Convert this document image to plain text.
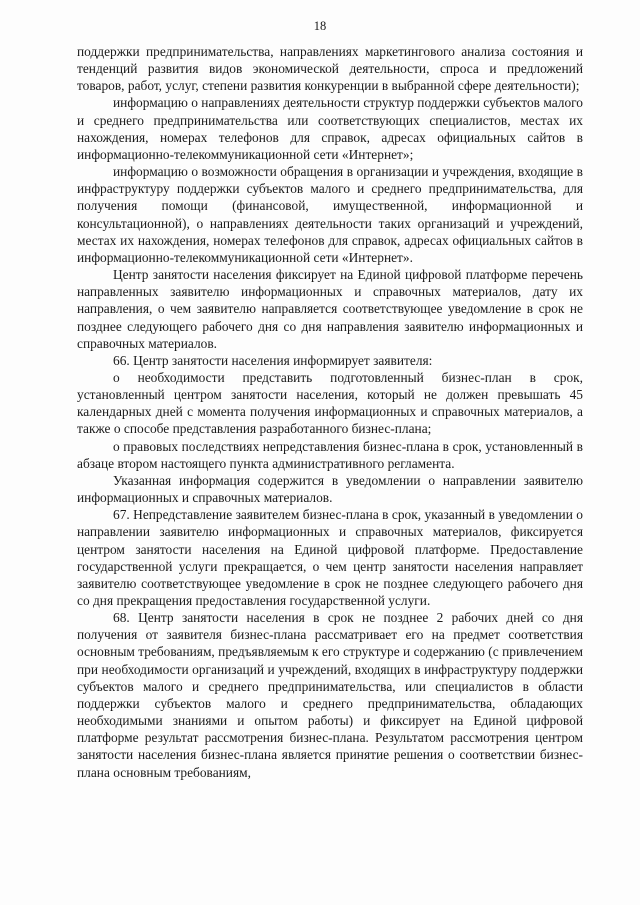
18

поддержки предпринимательства, направлениях маркетингового анализа состояния и тенденций развития видов экономической деятельности, спроса и предложений товаров, работ, услуг, степени развития конкуренции в выбранной сфере деятельности);

информацию о направлениях деятельности структур поддержки субъектов малого и среднего предпринимательства или соответствующих специалистов, местах их нахождения, номерах телефонов для справок, адресах официальных сайтов в информационно-телекоммуникационной сети «Интернет»;

информацию о возможности обращения в организации и учреждения, входящие в инфраструктуру поддержки субъектов малого и среднего предпринимательства, для получения помощи (финансовой, имущественной, информационной и консультационной), о направлениях деятельности таких организаций и учреждений, местах их нахождения, номерах телефонов для справок, адресах официальных сайтов в информационно-телекоммуникационной сети «Интернет».

Центр занятости населения фиксирует на Единой цифровой платформе перечень направленных заявителю информационных и справочных материалов, дату их направления, о чем заявителю направляется соответствующее уведомление в срок не позднее следующего рабочего дня со дня направления заявителю информационных и справочных материалов.

66. Центр занятости населения информирует заявителя:

о необходимости представить подготовленный бизнес-план в срок, установленный центром занятости населения, который не должен превышать 45 календарных дней с момента получения информационных и справочных материалов, а также о способе представления разработанного бизнес-плана;

о правовых последствиях непредставления бизнес-плана в срок, установленный в абзаце втором настоящего пункта административного регламента.

Указанная информация содержится в уведомлении о направлении заявителю информационных и справочных материалов.

67. Непредставление заявителем бизнес-плана в срок, указанный в уведомлении о направлении заявителю информационных и справочных материалов, фиксируется центром занятости населения на Единой цифровой платформе. Предоставление государственной услуги прекращается, о чем центр занятости населения направляет заявителю соответствующее уведомление в срок не позднее следующего рабочего дня со дня прекращения предоставления государственной услуги.

68. Центр занятости населения в срок не позднее 2 рабочих дней со дня получения от заявителя бизнес-плана рассматривает его на предмет соответствия основным требованиям, предъявляемым к его структуре и содержанию (с привлечением при необходимости организаций и учреждений, входящих в инфраструктуру поддержки субъектов малого и среднего предпринимательства, или специалистов в области поддержки субъектов малого и среднего предпринимательства, обладающих необходимыми знаниями и опытом работы) и фиксирует на Единой цифровой платформе результат рассмотрения бизнес-плана. Результатом рассмотрения центром занятости населения бизнес-плана является принятие решения о соответствии бизнес-плана основным требованиям,
